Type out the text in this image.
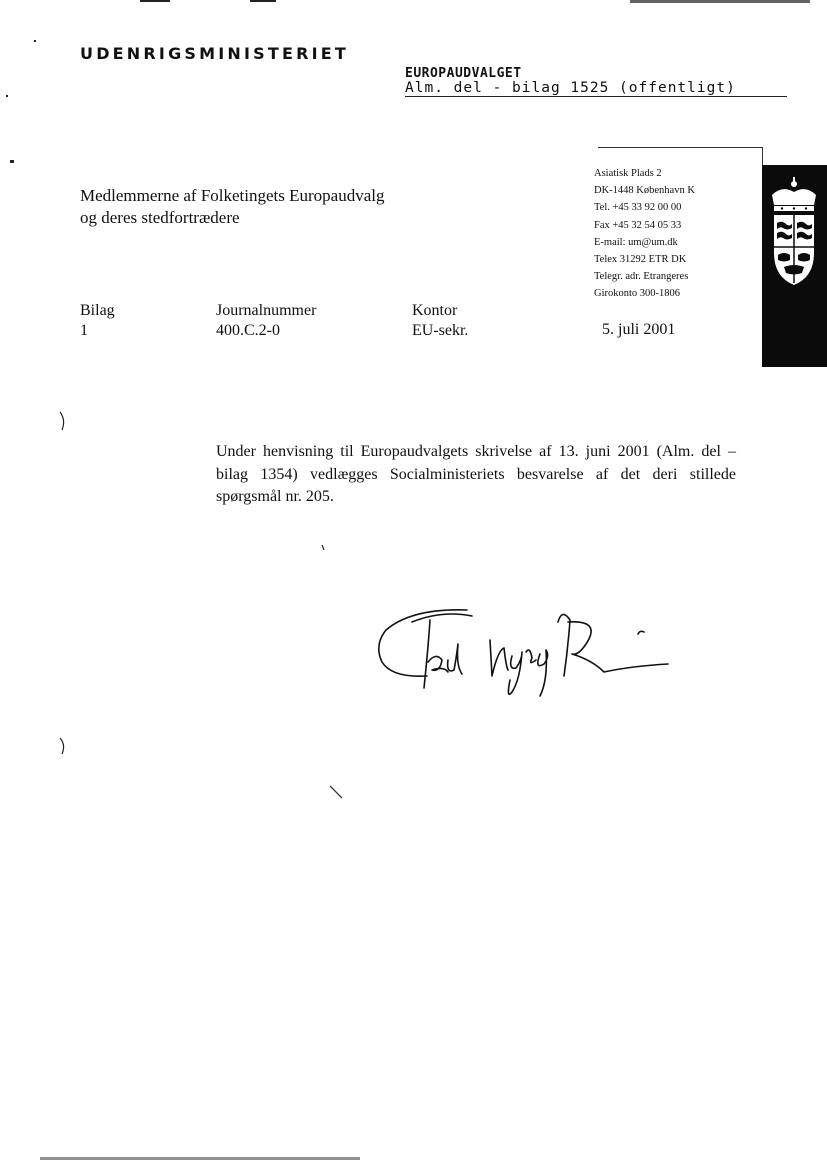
UDENRIGSMINISTERIET
EUROPAUDVALGET
Alm. del - bilag 1525 (offentligt)
Medlemmerne af Folketingets Europaudvalg
og deres stedfortrædere
Asiatisk Plads 2
DK-1448 København K
Tel. +45 33 92 00 00
Fax +45 32 54 05 33
E-mail: um@um.dk
Telex 31292 ETR DK
Telegr. adr. Etrangeres
Girokonto 300-1806
Bilag
1
Journalnummer
400.C.2-0
Kontor
EU-sekr.	5. juli 2001
Under henvisning til Europaudvalgets skrivelse af 13. juni 2001 (Alm. del – bilag 1354) vedlægges Socialministeriets besvarelse af det deri stillede spørgsmål nr. 205.
